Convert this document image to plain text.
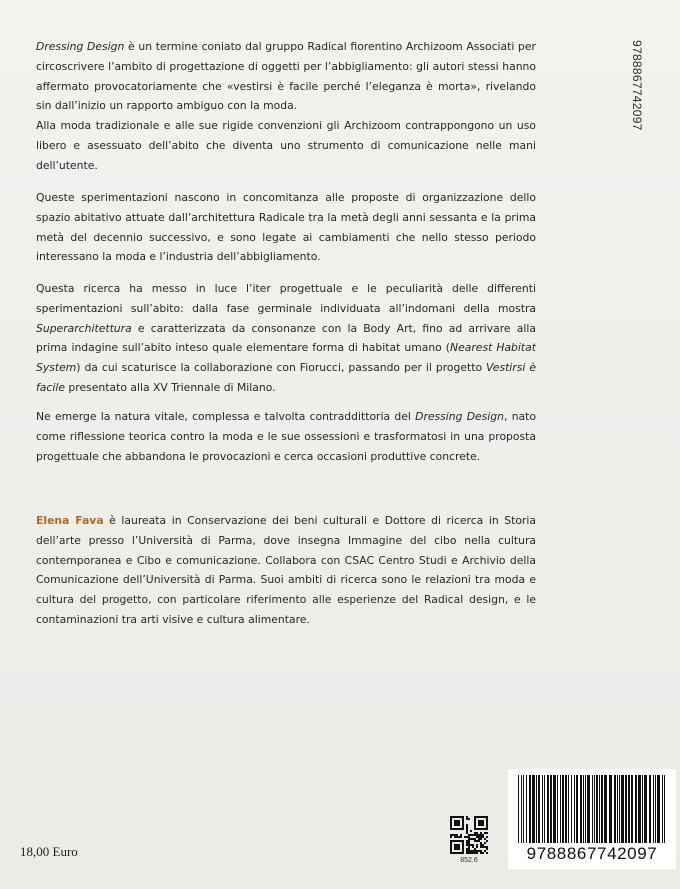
Dressing Design è un termine coniato dal gruppo Radical fiorentino Archizoom Associati per circoscrivere l’ambito di progettazione di oggetti per l’abbigliamento: gli autori stessi hanno affermato provocatoriamente che «vestirsi è facile perché l’eleganza è morta», rivelando sin dall’inizio un rapporto ambiguo con la moda.

Alla moda tradizionale e alle sue rigide convenzioni gli Archizoom contrappongono un uso libero e asessuato dell’abito che diventa uno strumento di comunicazione nelle mani dell’utente.

Queste sperimentazioni nascono in concomitanza alle proposte di organizzazione dello spazio abitativo attuate dall’architettura Radicale tra la metà degli anni sessanta e la prima metà del decennio successivo, e sono legate ai cambiamenti che nello stesso periodo interessano la moda e l’industria dell’abbigliamento.

Questa ricerca ha messo in luce l’iter progettuale e le peculiarità delle differenti sperimentazioni sull’abito: dalla fase germinale individuata all’indomani della mostra Superarchitettura e caratterizzata da consonanze con la Body Art, fino ad arrivare alla prima indagine sull’abito inteso quale elementare forma di habitat umano (Nearest Habitat System) da cui scaturisce la collaborazione con Fiorucci, passando per il progetto Vestirsi è facile presentato alla XV Triennale di Milano.

Ne emerge la natura vitale, complessa e talvolta contraddittoria del Dressing Design, nato come riflessione teorica contro la moda e le sue ossessioni e trasformatosi in una proposta progettuale che abbandona le provocazioni e cerca occasioni produttive concrete.

Elena Fava è laureata in Conservazione dei beni culturali e Dottore di ricerca in Storia dell’arte presso l’Università di Parma, dove insegna Immagine del cibo nella cultura contemporanea e Cibo e comunicazione. Collabora con CSAC Centro Studi e Archivio della Comunicazione dell’Università di Parma. Suoi ambiti di ricerca sono le relazioni tra moda e cultura del progetto, con particolare riferimento alle esperienze del Radical design, e le contaminazioni tra arti visive e cultura alimentare.

9788867742097
18,00 Euro
852.6	9788867742097
